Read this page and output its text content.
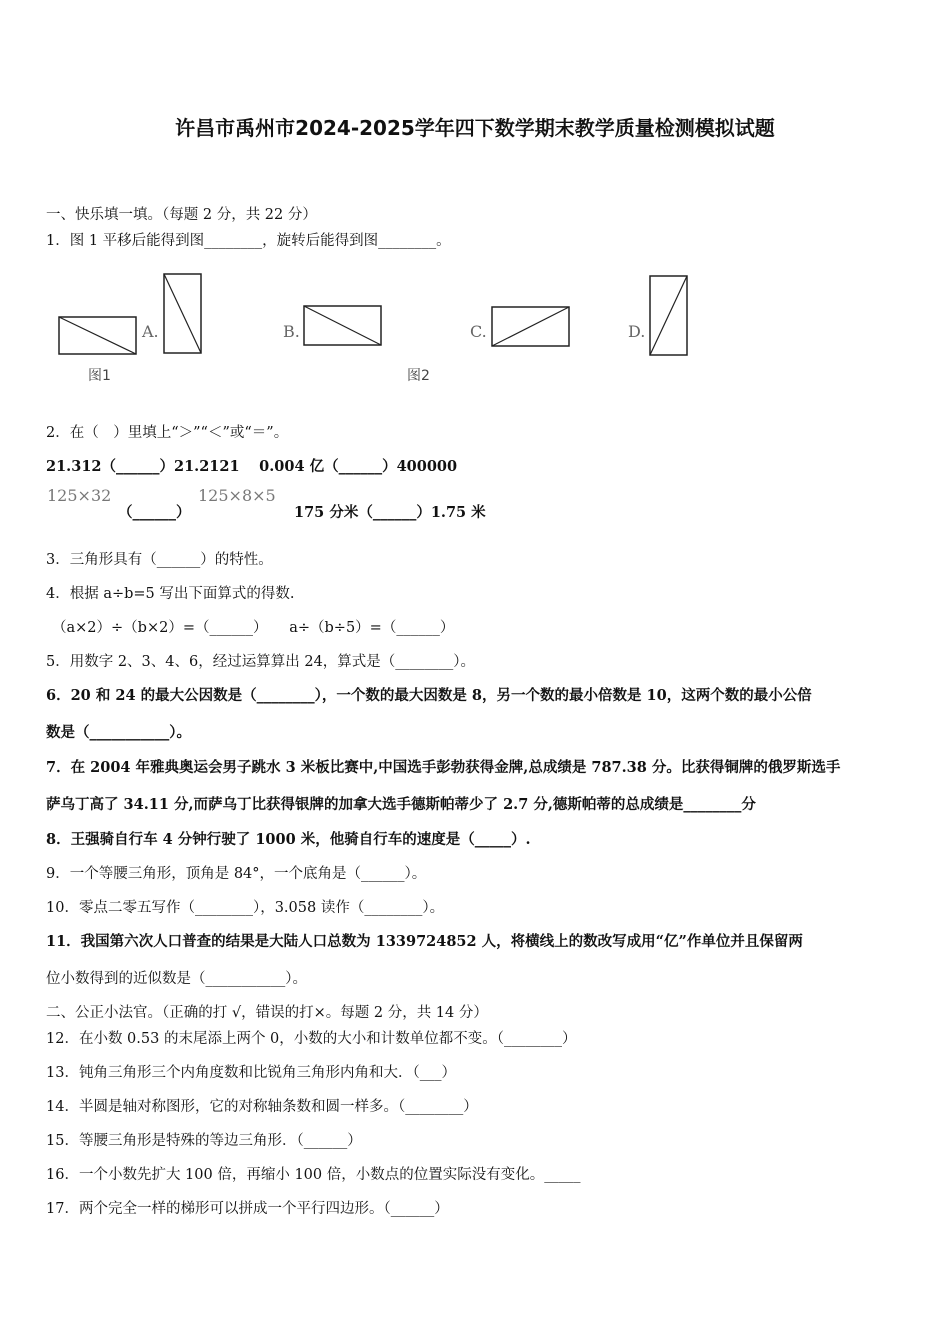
许昌市禹州市2024-2025学年四下数学期末教学质量检测模拟试题
一、快乐填一填。（每题 2 分，共 22 分）
1．图 1 平移后能得到图________，旋转后能得到图________。
A.
图1
B.
图2
C.	D.
2．在（　）里填上“＞”“＜”或“＝”。
21.312（______）21.2121　 0.004 亿（______）400000
125×32	125×8×5
（______）	175 分米（______）1.75 米
3．三角形具有（______）的特性。
4．根据 a÷b=5 写出下面算式的得数.
（a×2）÷（b×2）=（______）　　a÷（b÷5）=（______）
5．用数字 2、3、4、6，经过运算算出 24，算式是（________）。
6．20 和 24 的最大公因数是（________），一个数的最大因数是 8，另一个数的最小倍数是 10，这两个数的最小公倍
数是（___________）。
7．在 2004 年雅典奥运会男子跳水 3 米板比赛中,中国选手彭勃获得金牌,总成绩是 787.38 分。比获得铜牌的俄罗斯选手
萨乌丁高了 34.11 分,而萨乌丁比获得银牌的加拿大选手德斯帕蒂少了 2.7 分,德斯帕蒂的总成绩是________分
8．王强骑自行车 4 分钟行驶了 1000 米，他骑自行车的速度是（_____）.
9．一个等腰三角形，顶角是 84°，一个底角是（______）。
10．零点二零五写作（________），3.058 读作（________）。
11．我国第六次人口普查的结果是大陆人口总数为 1339724852 人，将横线上的数改写成用“亿”作单位并且保留两
位小数得到的近似数是（___________）。
二、公正小法官。（正确的打 √，错误的打×。每题 2 分，共 14 分）
12．在小数 0.53 的末尾添上两个 0，小数的大小和计数单位都不变。（________）
13．钝角三角形三个内角度数和比锐角三角形内角和大．（___）
14．半圆是轴对称图形，它的对称轴条数和圆一样多。（________）
15．等腰三角形是特殊的等边三角形．（______）
16．一个小数先扩大 100 倍，再缩小 100 倍，小数点的位置实际没有变化。_____
17．两个完全一样的梯形可以拼成一个平行四边形。（______）
